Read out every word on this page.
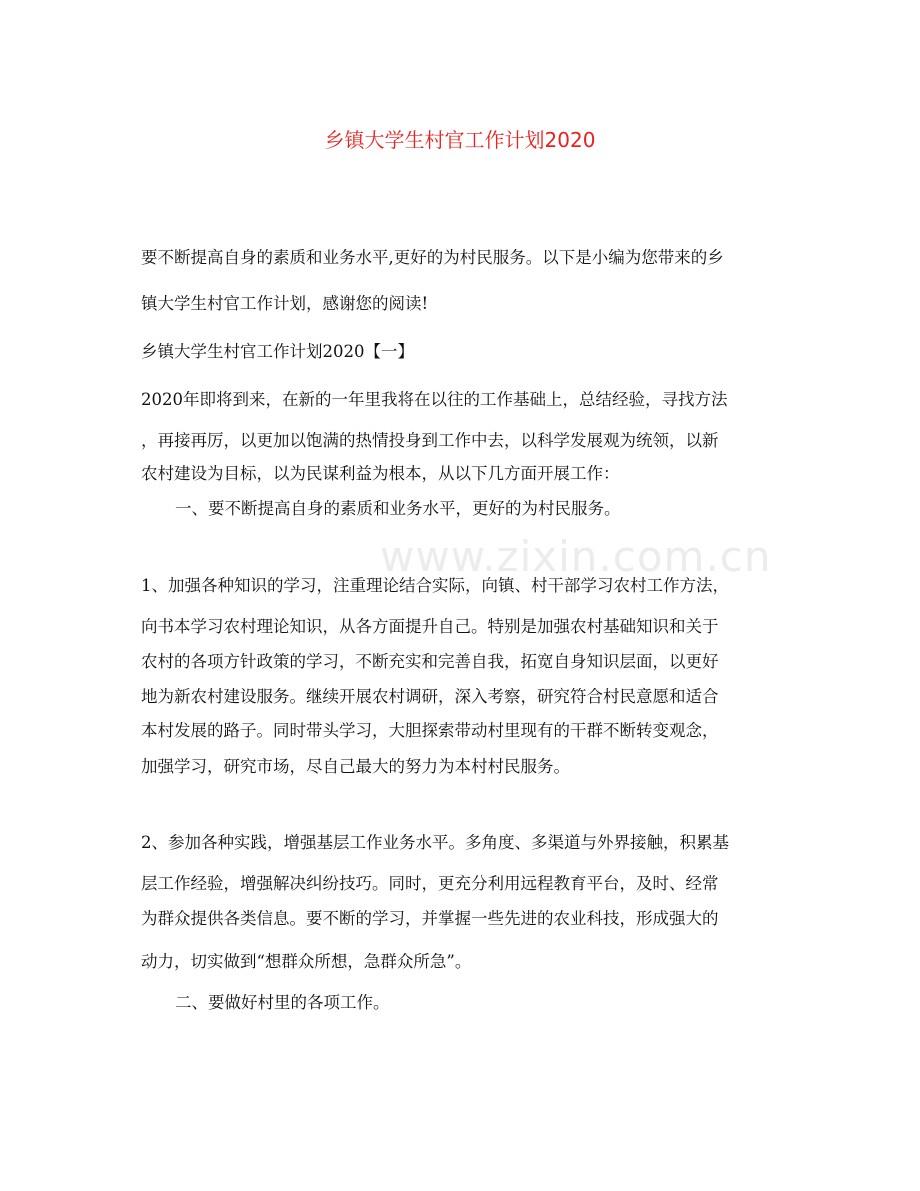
www.zixin.com.cn
乡镇大学生村官工作计划2020
要不断提高自身的素质和业务水平,更好的为村民服务。以下是小编为您带来的乡
镇大学生村官工作计划，感谢您的阅读!
乡镇大学生村官工作计划2020【一】
2020年即将到来，在新的一年里我将在以往的工作基础上，总结经验，寻找方法
，再接再厉，以更加以饱满的热情投身到工作中去，以科学发展观为统领，以新
农村建设为目标，以为民谋利益为根本，从以下几方面开展工作：
一、要不断提高自身的素质和业务水平，更好的为村民服务。
1、加强各种知识的学习，注重理论结合实际，向镇、村干部学习农村工作方法，
向书本学习农村理论知识，从各方面提升自己。特别是加强农村基础知识和关于
农村的各项方针政策的学习，不断充实和完善自我，拓宽自身知识层面，以更好
地为新农村建设服务。继续开展农村调研，深入考察，研究符合村民意愿和适合
本村发展的路子。同时带头学习，大胆探索带动村里现有的干群不断转变观念，
加强学习，研究市场，尽自己最大的努力为本村村民服务。
2、参加各种实践，增强基层工作业务水平。多角度、多渠道与外界接触，积累基
层工作经验，增强解决纠纷技巧。同时，更充分利用远程教育平台，及时、经常
为群众提供各类信息。要不断的学习，并掌握一些先进的农业科技，形成强大的
动力，切实做到“想群众所想，急群众所急”。
二、要做好村里的各项工作。
